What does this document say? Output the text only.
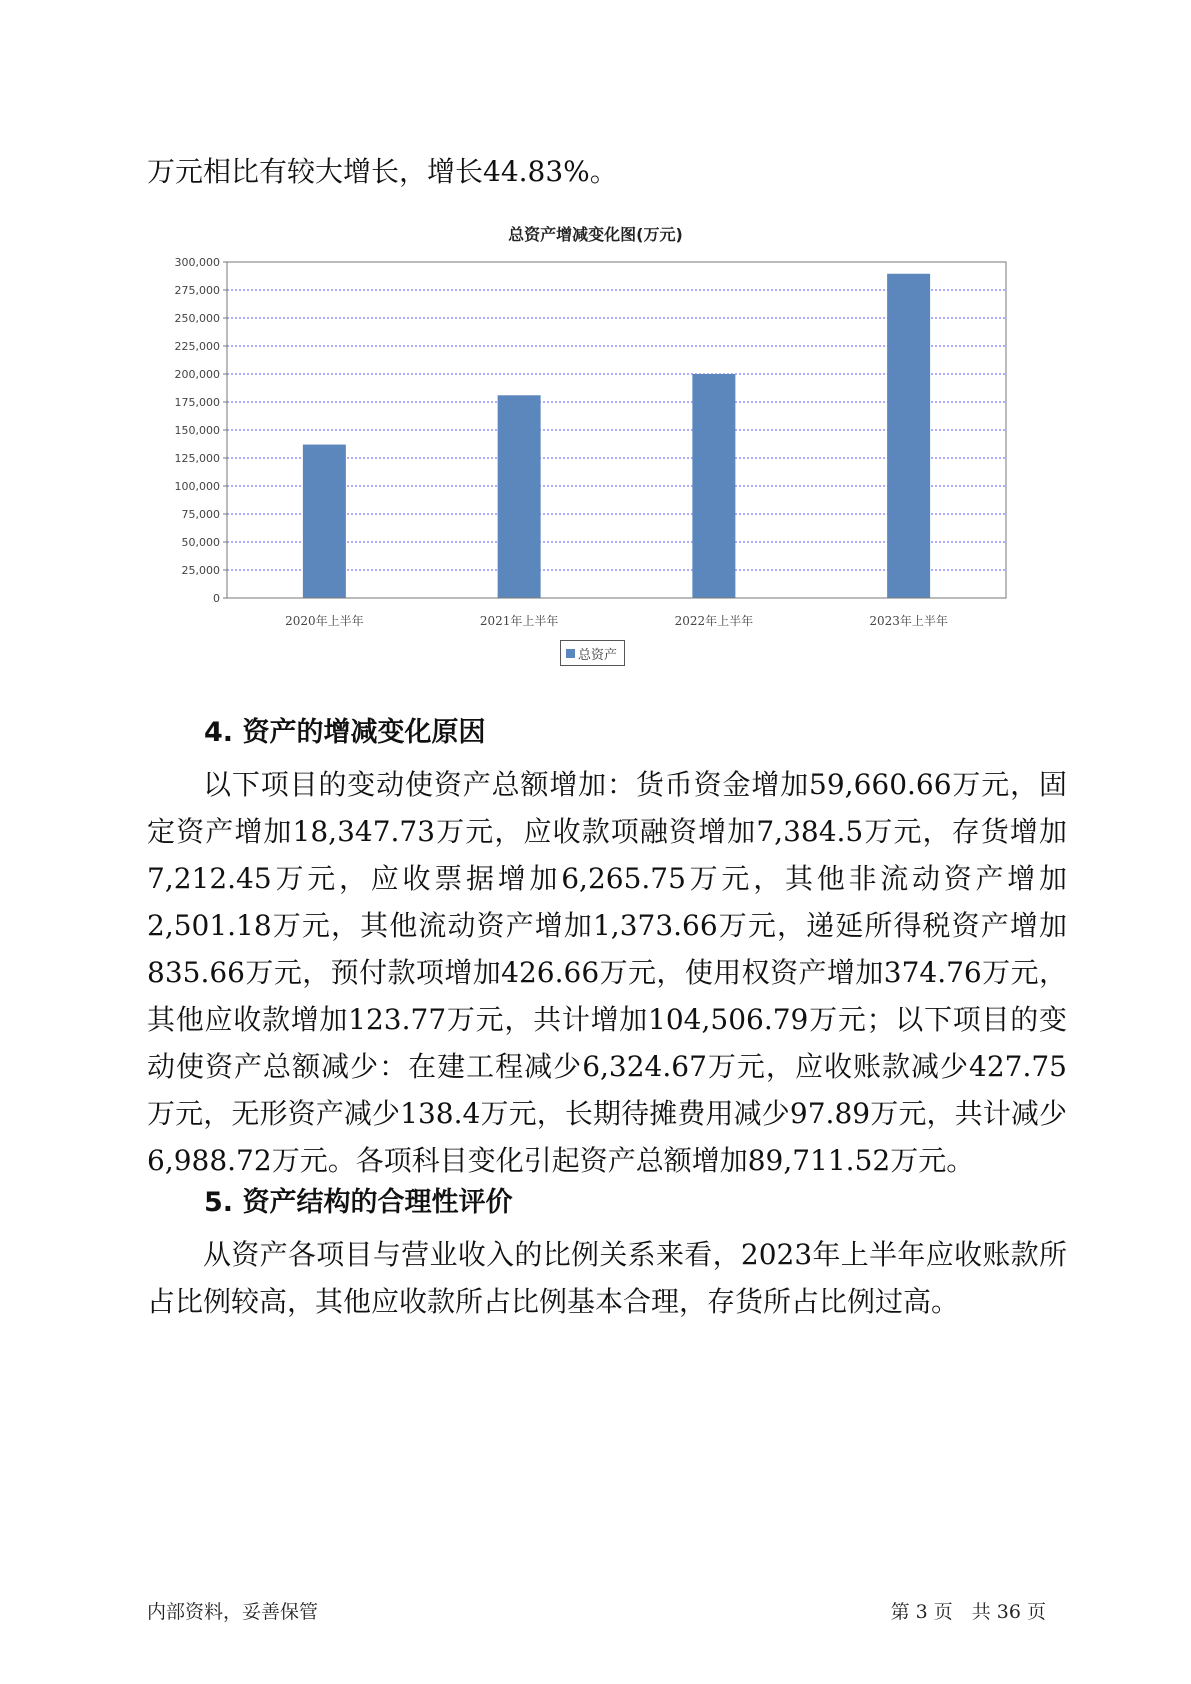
万元相比有较大增长，增长44.83%。

总资产增减变化图(万元)
0
25,000
50,000
75,000
100,000
125,000
150,000
175,000
200,000
225,000
250,000
275,000
300,000
2020年上半年	2021年上半年	2022年上半年	2023年上半年
总资产
4. 资产的增减变化原因

以下项目的变动使资产总额增加：货币资金增加59,660.66万元，固定资产增加18,347.73万元，应收款项融资增加7,384.5万元，存货增加7,212.45万元，应收票据增加6,265.75万元，其他非流动资产增加2,501.18万元，其他流动资产增加1,373.66万元，递延所得税资产增加835.66万元，预付款项增加426.66万元，使用权资产增加374.76万元，其他应收款增加123.77万元，共计增加104,506.79万元；以下项目的变动使资产总额减少：在建工程减少6,324.67万元，应收账款减少427.75万元，无形资产减少138.4万元，长期待摊费用减少97.89万元，共计减少6,988.72万元。各项科目变化引起资产总额增加89,711.52万元。

5. 资产结构的合理性评价

从资产各项目与营业收入的比例关系来看，2023年上半年应收账款所占比例较高，其他应收款所占比例基本合理，存货所占比例过高。

内部资料，妥善保管	第 3 页　共 36 页
